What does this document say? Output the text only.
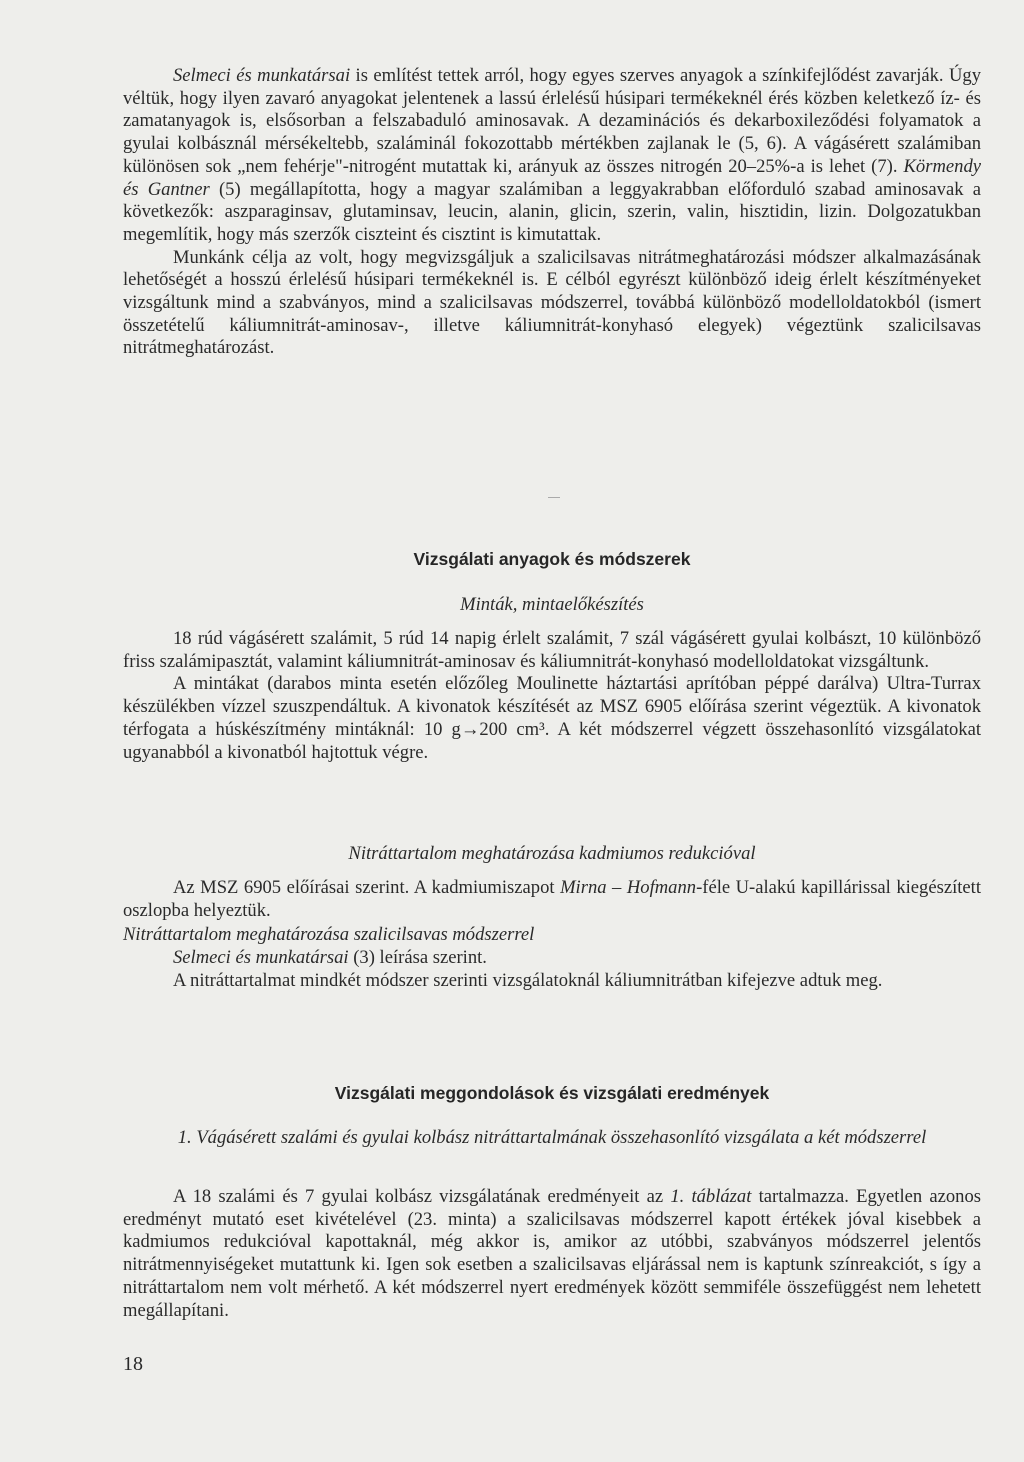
Selmeci és munkatársai is említést tettek arról, hogy egyes szerves anyagok a színkifejlődést zavarják. Úgy véltük, hogy ilyen zavaró anyagokat jelentenek a lassú érlelésű húsipari termékeknél érés közben keletkező íz- és zamatanyagok is, elsősorban a felszabaduló aminosavak. A dezaminációs és dekarboxileződési folyamatok a gyulai kolbásznál mérsékeltebb, szaláminál fokozottabb mértékben zajlanak le (5, 6). A vágásérett szalámiban különösen sok „nem fehérje"-nitrogént mutattak ki, arányuk az összes nitrogén 20–25%-a is lehet (7). Körmendy és Gantner (5) megállapította, hogy a magyar szalámiban a leggyakrabban előforduló szabad aminosavak a következők: aszparaginsav, glutaminsav, leucin, alanin, glicin, szerin, valin, hisztidin, lizin. Dolgozatukban megemlítik, hogy más szerzők ciszteint és cisztint is kimutattak.

Munkánk célja az volt, hogy megvizsgáljuk a szalicilsavas nitrátmeghatározási módszer alkalmazásának lehetőségét a hosszú érlelésű húsipari termékeknél is. E célból egyrészt különböző ideig érlelt készítményeket vizsgáltunk mind a szabványos, mind a szalicilsavas módszerrel, továbbá különböző modelloldatokból (ismert összetételű káliumnitrát-aminosav-, illetve káliumnitrát-konyhasó elegyek) végeztünk szalicilsavas nitrátmeghatározást.

Vizsgálati anyagok és módszerek
Minták, mintaelőkészítés

18 rúd vágásérett szalámit, 5 rúd 14 napig érlelt szalámit, 7 szál vágásérett gyulai kolbászt, 10 különböző friss szalámipasztát, valamint káliumnitrát-aminosav és káliumnitrát-konyhasó modelloldatokat vizsgáltunk.

A mintákat (darabos minta esetén előzőleg Moulinette háztartási aprítóban péppé darálva) Ultra-Turrax készülékben vízzel szuszpendáltuk. A kivonatok készítését az MSZ 6905 előírása szerint végeztük. A kivonatok térfogata a húskészítmény mintáknál: 10 g→200 cm³. A két módszerrel végzett összehasonlító vizsgálatokat ugyanabból a kivonatból hajtottuk végre.

Nitráttartalom meghatározása kadmiumos redukcióval

Az MSZ 6905 előírásai szerint. A kadmiumiszapot Mirna – Hofmann-féle U-alakú kapillárissal kiegészített oszlopba helyeztük.

Nitráttartalom meghatározása szalicilsavas módszerrel

Selmeci és munkatársai (3) leírása szerint.

A nitráttartalmat mindkét módszer szerinti vizsgálatoknál káliumnitrátban kifejezve adtuk meg.

Vizsgálati meggondolások és vizsgálati eredmények
1. Vágásérett szalámi és gyulai kolbász nitráttartalmának összehasonlító vizsgálata a két módszerrel

A 18 szalámi és 7 gyulai kolbász vizsgálatának eredményeit az 1. táblázat tartalmazza. Egyetlen azonos eredményt mutató eset kivételével (23. minta) a szalicilsavas módszerrel kapott értékek jóval kisebbek a kadmiumos redukcióval kapottaknál, még akkor is, amikor az utóbbi, szabványos módszerrel jelentős nitrátmennyiségeket mutattunk ki. Igen sok esetben a szalicilsavas eljárással nem is kaptunk színreakciót, s így a nitráttartalom nem volt mérhető. A két módszerrel nyert eredmények között semmiféle összefüggést nem lehetett megállapítani.

18
